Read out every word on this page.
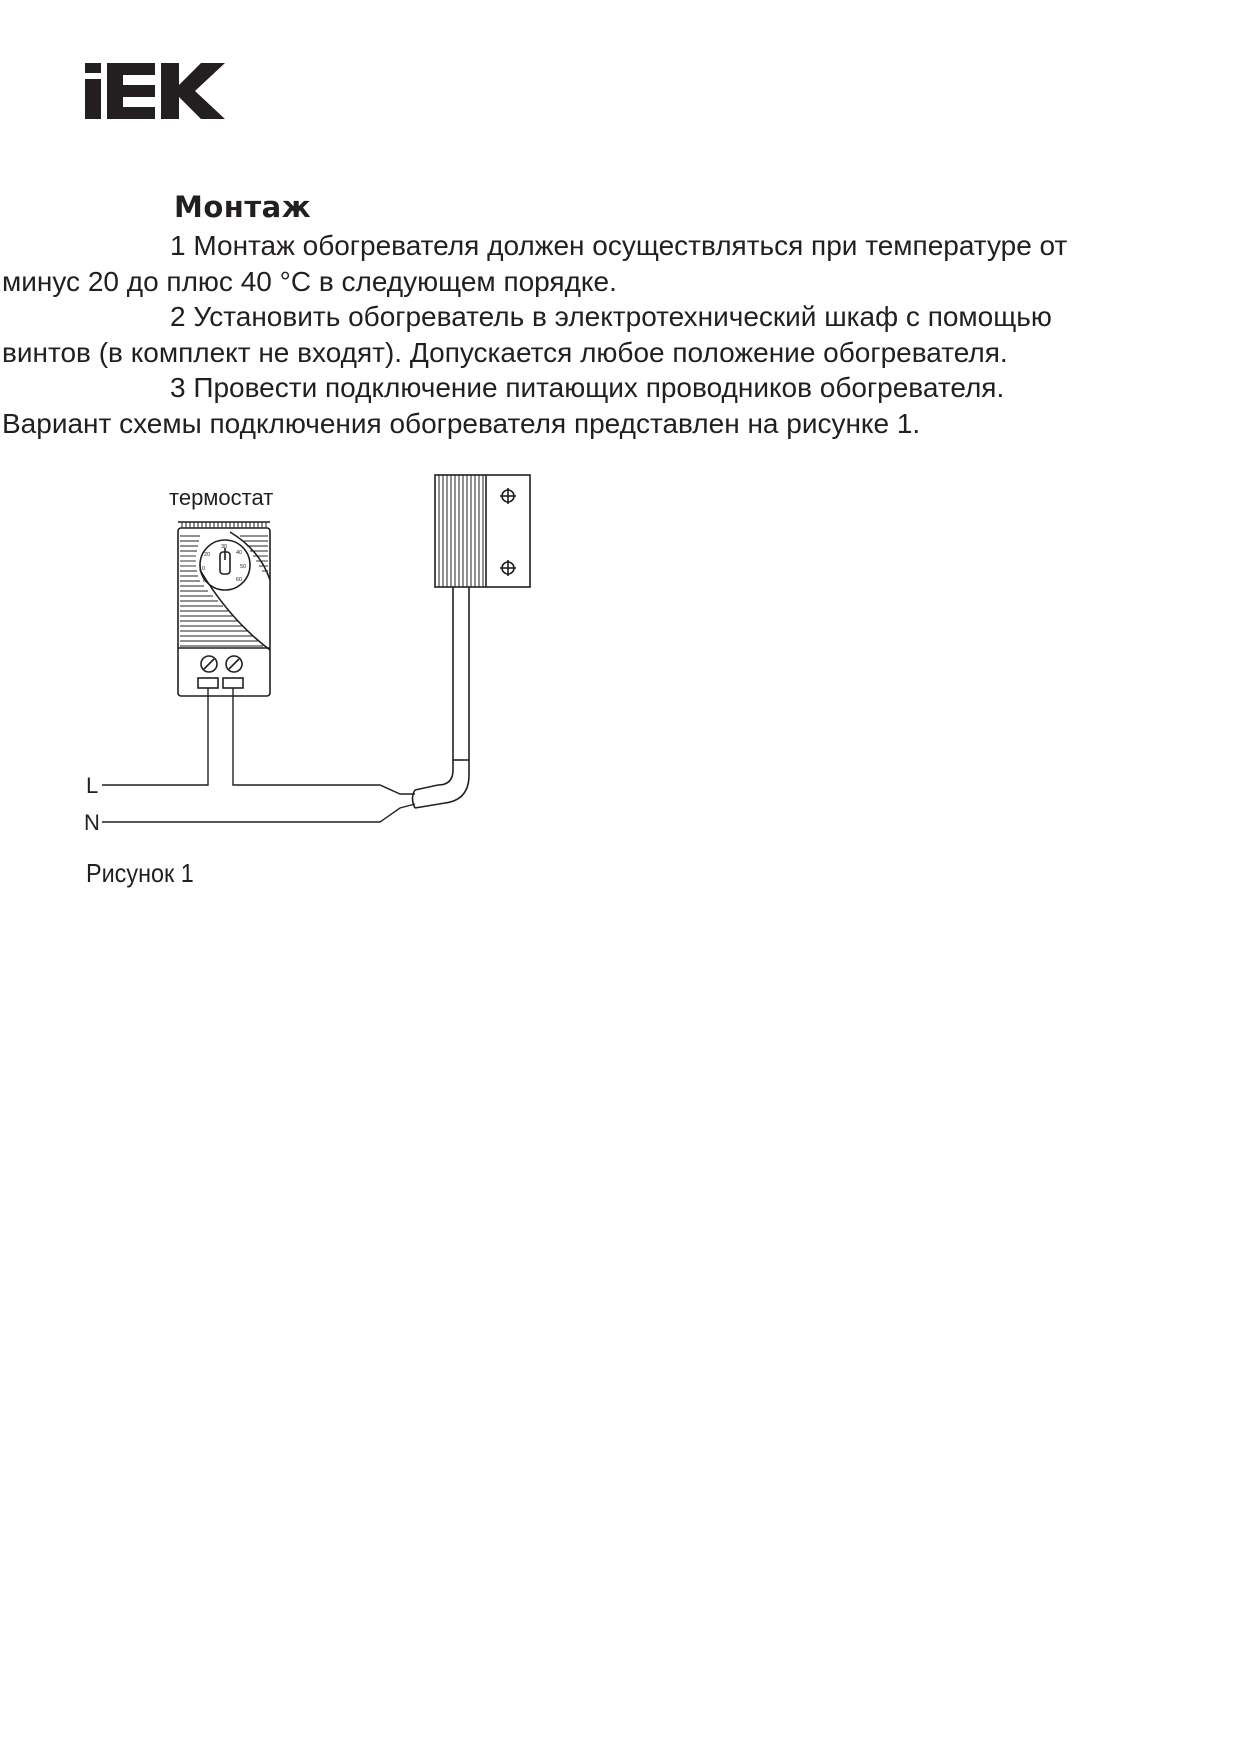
Монтаж

1 Монтаж обогревателя должен осуществляться при температуре от
минус 20 до плюс 40 °С в следующем порядке.

2 Установить обогреватель в электротехнический шкаф с помощью
винтов (в комплект не входят). Допускается любое положение обогревателя.

3 Провести подключение питающих проводников обогревателя.
Вариант схемы подключения обогревателя представлен на рисунке 1.

термостат
0
10
20
30
40
50
60
L
N
Рисунок 1
